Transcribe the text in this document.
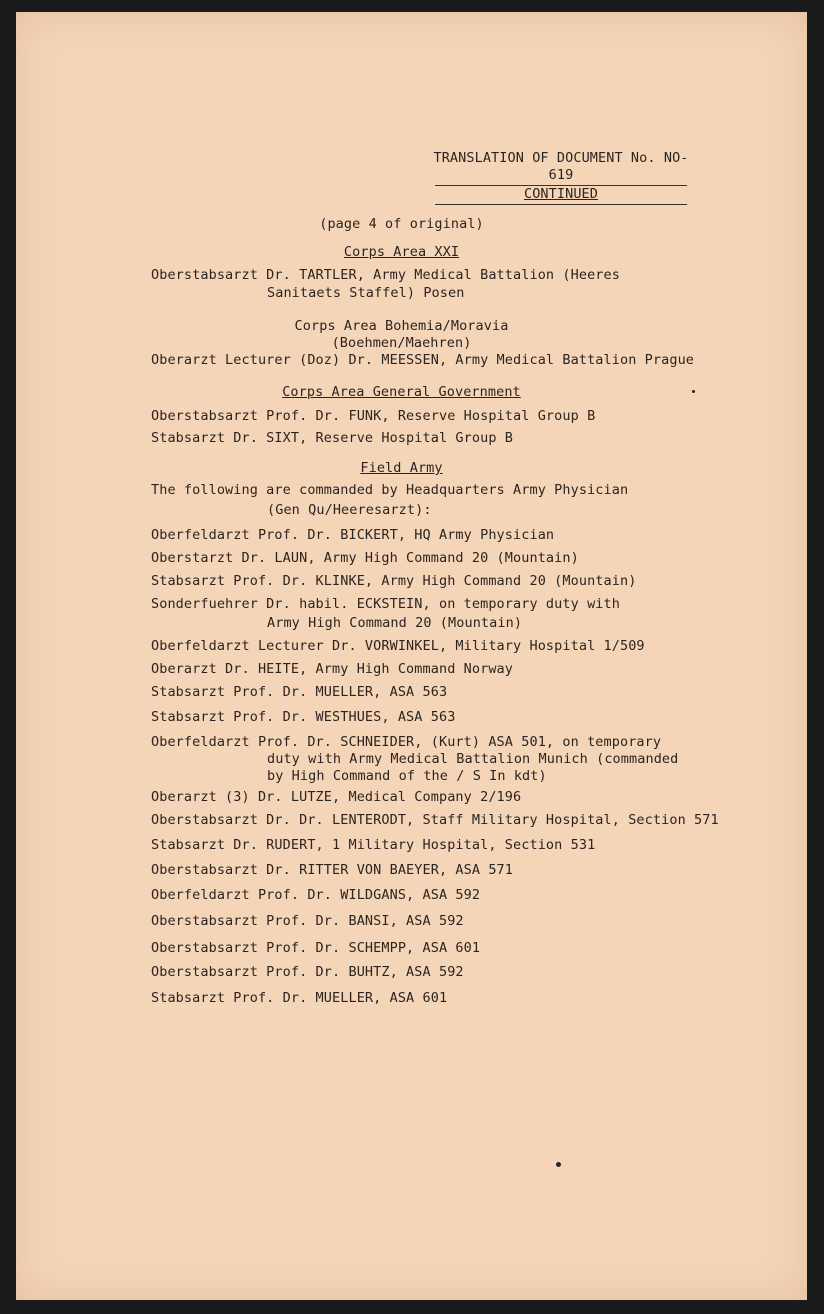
TRANSLATION OF DOCUMENT No. NO-619
CONTINUED
(page 4 of original)
Corps Area XXI
Oberstabsarzt Dr. TARTLER, Army Medical Battalion (Heeres
Sanitaets Staffel) Posen
Corps Area Bohemia/Moravia
(Boehmen/Maehren)
Oberarzt Lecturer (Doz) Dr. MEESSEN, Army Medical Battalion Prague
Corps Area General Government
Oberstabsarzt Prof. Dr. FUNK, Reserve Hospital Group B
Stabsarzt Dr. SIXT, Reserve Hospital Group B
Field Army
The following are commanded by Headquarters Army Physician
(Gen Qu/Heeresarzt):
Oberfeldarzt Prof. Dr. BICKERT, HQ Army Physician
Oberstarzt Dr. LAUN, Army High Command 20 (Mountain)
Stabsarzt Prof. Dr. KLINKE, Army High Command 20 (Mountain)
Sonderfuehrer Dr. habil. ECKSTEIN, on temporary duty with
Army High Command 20 (Mountain)
Oberfeldarzt Lecturer Dr. VORWINKEL, Military Hospital 1/509
Oberarzt Dr. HEITE, Army High Command Norway
Stabsarzt Prof. Dr. MUELLER, ASA 563
Stabsarzt Prof. Dr. WESTHUES, ASA 563
Oberfeldarzt Prof. Dr. SCHNEIDER, (Kurt) ASA 501, on temporary
duty with Army Medical Battalion Munich (commanded
by High Command of the / S In kdt)
Oberarzt (3) Dr. LUTZE, Medical Company 2/196
Oberstabsarzt Dr. Dr. LENTERODT, Staff Military Hospital, Section 571
Stabsarzt Dr. RUDERT, 1 Military Hospital, Section 531
Oberstabsarzt Dr. RITTER VON BAEYER, ASA 571
Oberfeldarzt Prof. Dr. WILDGANS, ASA 592
Oberstabsarzt Prof. Dr. BANSI, ASA 592
Oberstabsarzt Prof. Dr. SCHEMPP, ASA 601
Oberstabsarzt Prof. Dr. BUHTZ, ASA 592
Stabsarzt Prof. Dr. MUELLER, ASA 601
